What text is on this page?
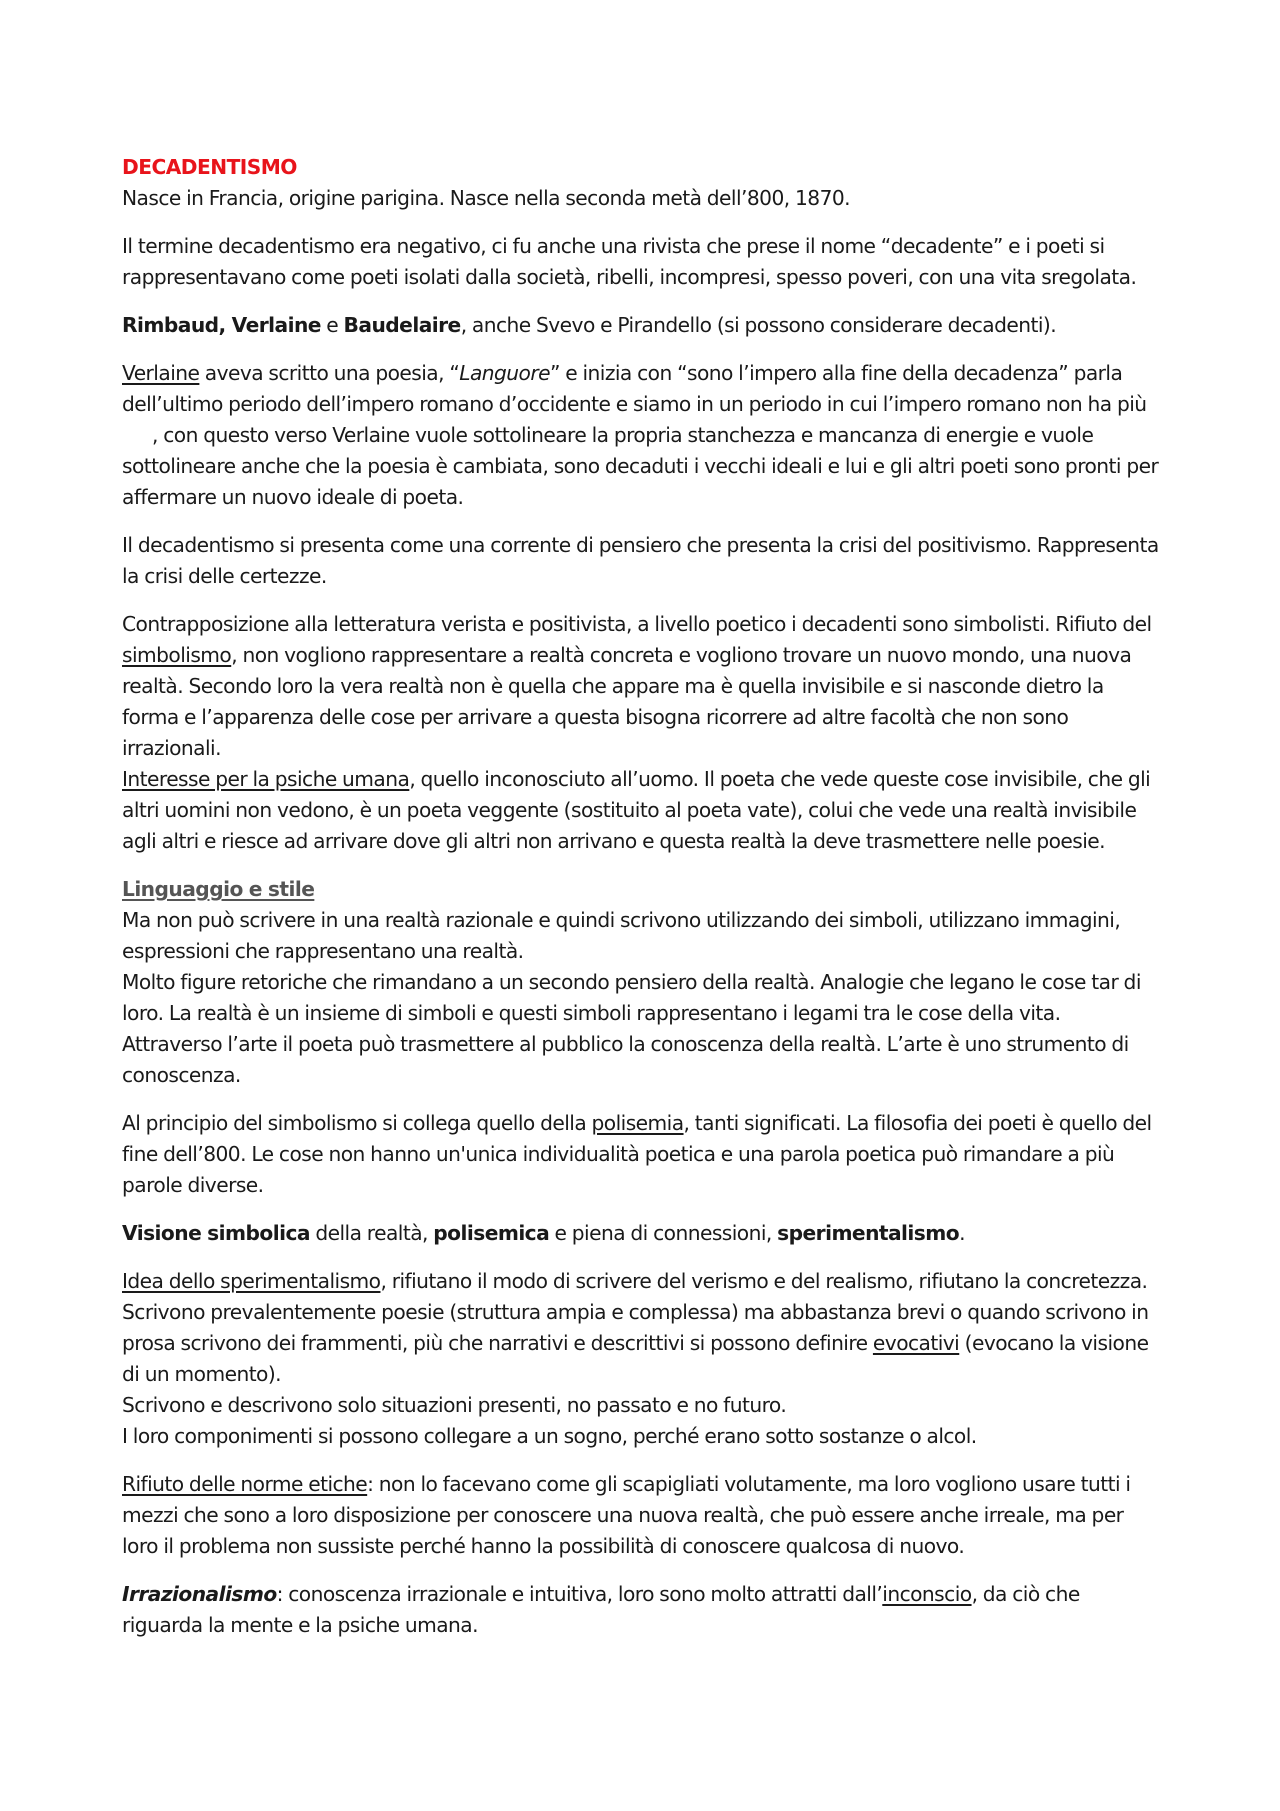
DECADENTISMO

Nasce in Francia, origine parigina. Nasce nella seconda metà dell’800, 1870.

Il termine decadentismo era negativo, ci fu anche una rivista che prese il nome “decadente” e i poeti si rappresentavano come poeti isolati dalla società, ribelli, incompresi, spesso poveri, con una vita sregolata.

Rimbaud, Verlaine e Baudelaire, anche Svevo e Pirandello (si possono considerare decadenti).

Verlaine aveva scritto una poesia, “Languore” e inizia con “sono l’impero alla fine della decadenza” parla dell’ultimo periodo dell’impero romano d’occidente e siamo in un periodo in cui l’impero romano non ha più, con questo verso Verlaine vuole sottolineare la propria stanchezza e mancanza di energie e vuole sottolineare anche che la poesia è cambiata, sono decaduti i vecchi ideali e lui e gli altri poeti sono pronti per affermare un nuovo ideale di poeta.

Il decadentismo si presenta come una corrente di pensiero che presenta la crisi del positivismo. Rappresenta la crisi delle certezze.

Contrapposizione alla letteratura verista e positivista, a livello poetico i decadenti sono simbolisti. Rifiuto del simbolismo, non vogliono rappresentare a realtà concreta e vogliono trovare un nuovo mondo, una nuova realtà. Secondo loro la vera realtà non è quella che appare ma è quella invisibile e si nasconde dietro la forma e l’apparenza delle cose per arrivare a questa bisogna ricorrere ad altre facoltà che non sono irrazionali.

Interesse per la psiche umana, quello inconosciuto all’uomo. Il poeta che vede queste cose invisibile, che gli altri uomini non vedono, è un poeta veggente (sostituito al poeta vate), colui che vede una realtà invisibile agli altri e riesce ad arrivare dove gli altri non arrivano e questa realtà la deve trasmettere nelle poesie.

Linguaggio e stile

Ma non può scrivere in una realtà razionale e quindi scrivono utilizzando dei simboli, utilizzano immagini, espressioni che rappresentano una realtà.

Molto figure retoriche che rimandano a un secondo pensiero della realtà. Analogie che legano le cose tar di loro. La realtà è un insieme di simboli e questi simboli rappresentano i legami tra le cose della vita. Attraverso l’arte il poeta può trasmettere al pubblico la conoscenza della realtà. L’arte è uno strumento di conoscenza.

Al principio del simbolismo si collega quello della polisemia, tanti significati. La filosofia dei poeti è quello del fine dell’800. Le cose non hanno un'unica individualità poetica e una parola poetica può rimandare a più parole diverse.

Visione simbolica della realtà, polisemica e piena di connessioni, sperimentalismo.

Idea dello sperimentalismo, rifiutano il modo di scrivere del verismo e del realismo, rifiutano la concretezza. Scrivono prevalentemente poesie (struttura ampia e complessa) ma abbastanza brevi o quando scrivono in prosa scrivono dei frammenti, più che narrativi e descrittivi si possono definire evocativi (evocano la visione di un momento).

Scrivono e descrivono solo situazioni presenti, no passato e no futuro.

I loro componimenti si possono collegare a un sogno, perché erano sotto sostanze o alcol.

Rifiuto delle norme etiche: non lo facevano come gli scapigliati volutamente, ma loro vogliono usare tutti i mezzi che sono a loro disposizione per conoscere una nuova realtà, che può essere anche irreale, ma per loro il problema non sussiste perché hanno la possibilità di conoscere qualcosa di nuovo.

Irrazionalismo: conoscenza irrazionale e intuitiva, loro sono molto attratti dall’inconscio, da ciò che riguarda la mente e la psiche umana.
